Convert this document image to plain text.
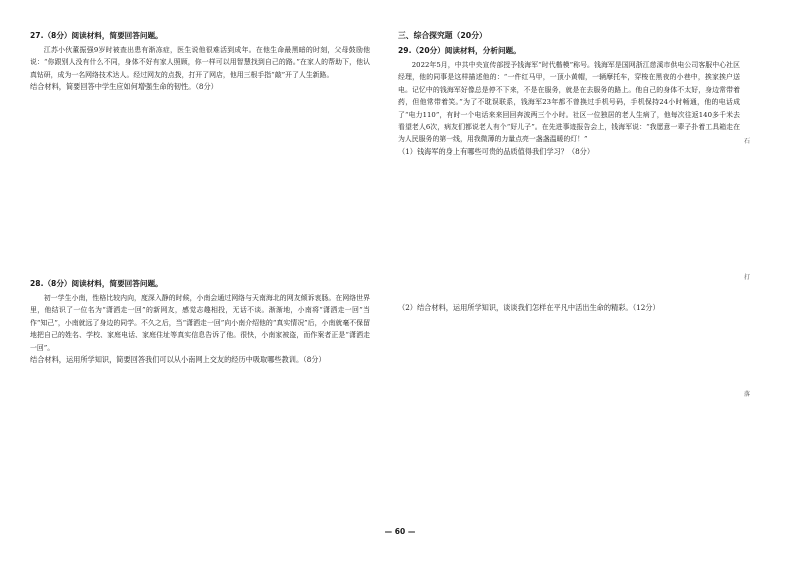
27.（8分）阅读材料，简要回答问题。

江苏小伙董振强9岁时被查出患有渐冻症，医生说他很难活到成年。在他生命最黑暗的时刻，父母鼓励他说：“你跟别人没有什么不同，身体不好有家人照顾，你一样可以用智慧找到自己的路。”在家人的帮助下，他认真钻研，成为一名网络技术达人。经过网友的点拨，打开了网店，他用三根手指“敲”开了人生新路。

结合材料，简要回答中学生应如何增强生命的韧性。（8分）

28.（8分）阅读材料，简要回答问题。

初一学生小南，性格比较内向，度深入静的时候，小南会通过网络与天南海北的网友倾诉衷肠。在网络世界里，他结识了一位名为“潇洒走一回”的新网友，感觉志趣相投，无话不谈。渐渐地，小南将“潇洒走一回”当作“知己”，小南就远了身边的同学。不久之后，当“潇洒走一回”向小南介绍他的“真实情况”后，小南就毫不保留地把自己的姓名、学校、家庭电话、家庭住址等真实信息告诉了他。很快，小南家被盗，而作案者正是“潇洒走一回”。

结合材料，运用所学知识，简要回答我们可以从小南网上交友的经历中吸取哪些教训。（8分）

三、综合探究题（20分）

29.（20分）阅读材料，分析问题。

2022年5月，中共中央宣传部授予钱海军“时代楷模”称号。钱海军是国网浙江慈溪市供电公司客服中心社区经理，他的同事是这样描述他的：“一件红马甲，一顶小黄帽，一辆摩托车，穿梭在黑夜的小巷中，挨家挨户送电。记忆中的钱海军好像总是停不下来，不是在服务，就是在去服务的路上。他自己的身体不太好，身边常带着药，但他常带着笑。”为了不耽误联系，钱海军23年都不曾换过手机号码，手机保持24小时畅通，他的电话成了“电力110”，有时一个电话来来回回奔波两三个小时。社区一位独居的老人生病了，他每次往返140多千米去看望老人6次，病友们都说老人有个“好儿子”。在先进事迹报告会上，钱海军说：“我愿意一辈子扑着工具箱走在为人民服务的第一线，用我微薄的力量点亮一盏盏温暖的灯！”

（1）钱海军的身上有哪些可贵的品质值得我们学习？（8分）

（2）结合材料，运用所学知识，谈谈我们怎样在平凡中活出生命的精彩。（12分）

石
打
落
— 60 —
